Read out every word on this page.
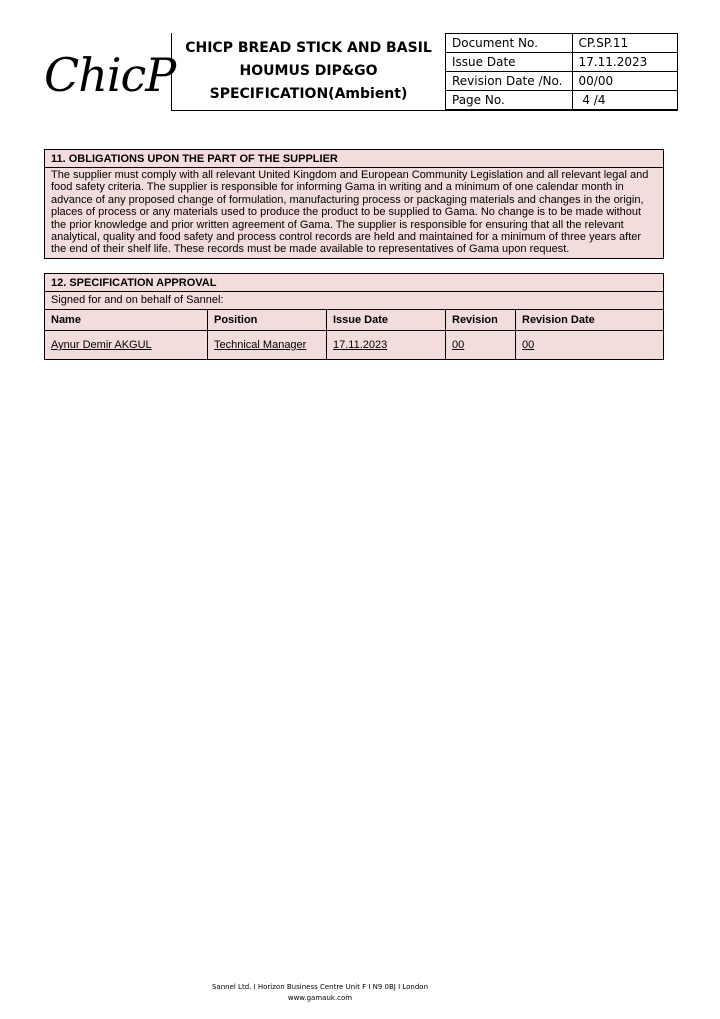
ChicP CHICP BREAD STICK AND BASIL
HOUMUS DIP&GO
SPECIFICATION(Ambient)
Document No.	CP.SP.11
Issue Date	17.11.2023
Revision Date /No.	00/00
Page No.	4 /4
11. OBLIGATIONS UPON THE PART OF THE SUPPLIER
The supplier must comply with all relevant United Kingdom and European Community Legislation and all relevant legal and food safety criteria. The supplier is responsible for informing Gama in writing and a minimum of one calendar month in advance of any proposed change of formulation, manufacturing process or packaging materials and changes in the origin, places of process or any materials used to produce the product to be supplied to Gama. No change is to be made without the prior knowledge and prior written agreement of Gama. The supplier is responsible for ensuring that all the relevant analytical, quality and food safety and process control records are held and maintained for a minimum of three years after the end of their shelf life. These records must be made available to representatives of Gama upon request.
12. SPECIFICATION APPROVAL
Signed for and on behalf of Sannel:
Name	Position	Issue Date	Revision	Revision Date
Aynur Demir AKGUL	Technical Manager	17.11.2023	00	00
Sannel Ltd. I Horizon Business Centre Unit F I N9 0BJ I London
www.gamauk.com
